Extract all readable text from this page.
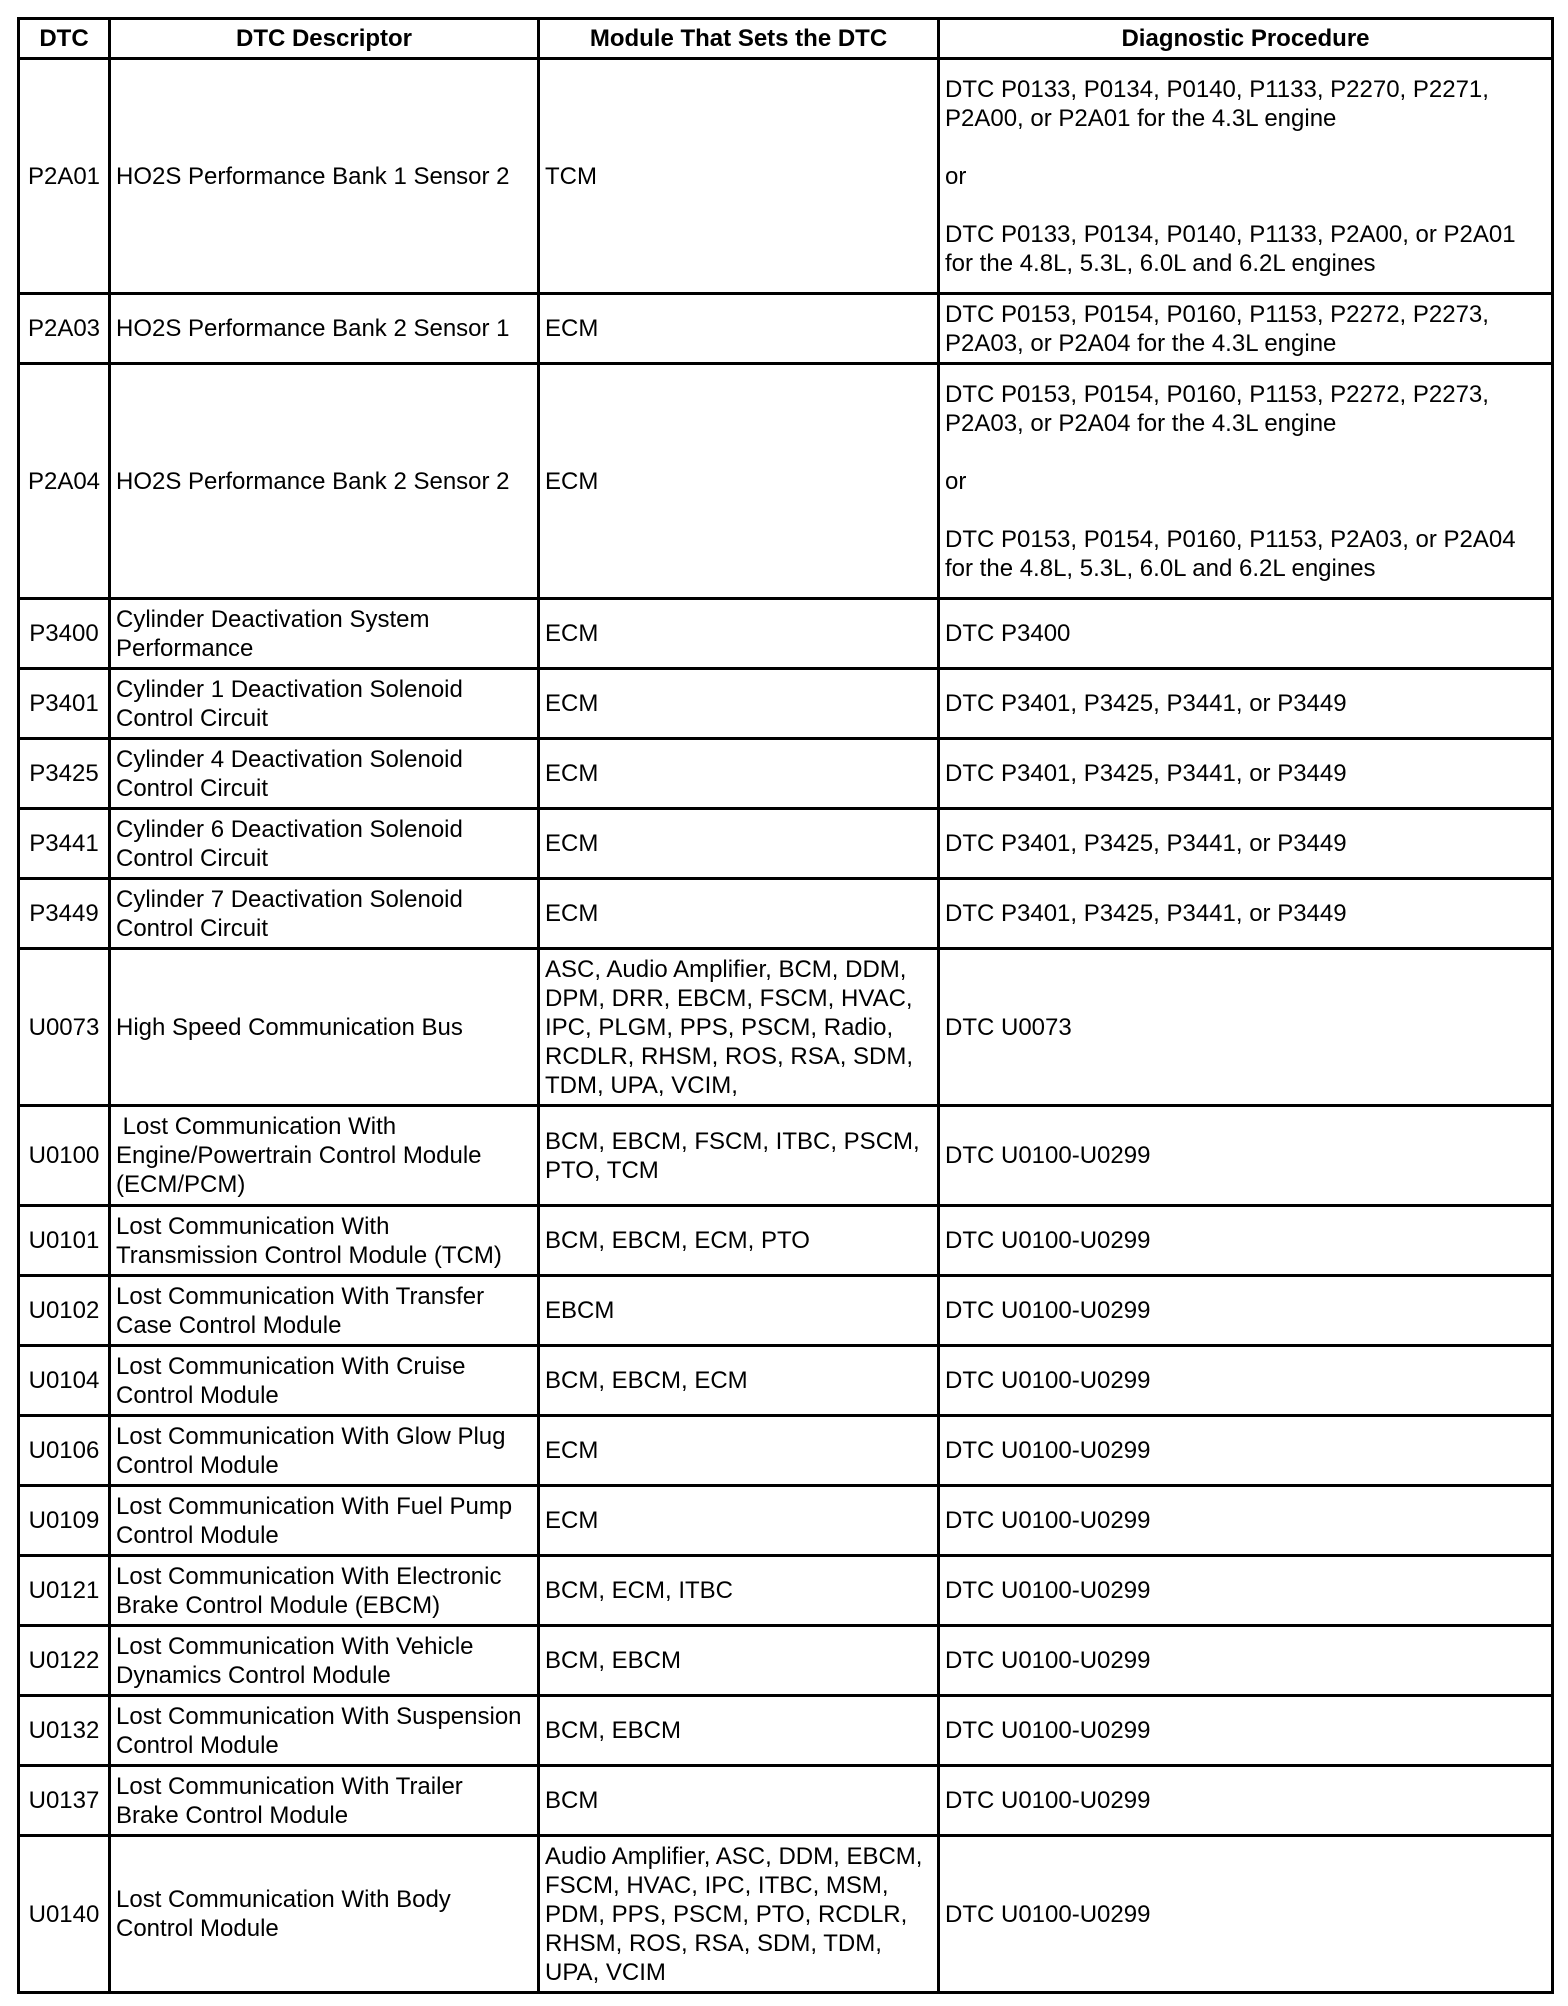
DTC	DTC Descriptor	Module That Sets the DTC	Diagnostic Procedure
P2A01	HO2S Performance Bank 1 Sensor 2	TCM	DTC P0133, P0134, P0140, P1133, P2270, P2271, P2A00, or P2A01 for the 4.3L engine
or
DTC P0133, P0134, P0140, P1133, P2A00, or P2A01 for the 4.8L, 5.3L, 6.0L and 6.2L engines

P2A03	HO2S Performance Bank 2 Sensor 1	ECM	DTC P0153, P0154, P0160, P1153, P2272, P2273, P2A03, or P2A04 for the 4.3L engine

P2A04	HO2S Performance Bank 2 Sensor 2	ECM	DTC P0153, P0154, P0160, P1153, P2272, P2273, P2A03, or P2A04 for the 4.3L engine
or
DTC P0153, P0154, P0160, P1153, P2A03, or P2A04 for the 4.8L, 5.3L, 6.0L and 6.2L engines

P3400	Cylinder Deactivation System Performance	ECM	DTC P3400

P3401	Cylinder 1 Deactivation Solenoid Control Circuit	ECM	DTC P3401, P3425, P3441, or P3449

P3425	Cylinder 4 Deactivation Solenoid Control Circuit	ECM	DTC P3401, P3425, P3441, or P3449

P3441	Cylinder 6 Deactivation Solenoid Control Circuit	ECM	DTC P3401, P3425, P3441, or P3449

P3449	Cylinder 7 Deactivation Solenoid Control Circuit	ECM	DTC P3401, P3425, P3441, or P3449

U0073	High Speed Communication Bus	ASC, Audio Amplifier, BCM, DDM, DPM, DRR, EBCM, FSCM, HVAC, IPC, PLGM, PPS, PSCM, Radio, RCDLR, RHSM, ROS, RSA, SDM, TDM, UPA, VCIM,	DTC U0073

U0100	Lost Communication With Engine/Powertrain Control Module (ECM/PCM)	BCM, EBCM, FSCM, ITBC, PSCM, PTO, TCM	DTC U0100-U0299

U0101	Lost Communication With Transmission Control Module (TCM)	BCM, EBCM, ECM, PTO	DTC U0100-U0299

U0102	Lost Communication With Transfer Case Control Module	EBCM	DTC U0100-U0299

U0104	Lost Communication With Cruise Control Module	BCM, EBCM, ECM	DTC U0100-U0299

U0106	Lost Communication With Glow Plug Control Module	ECM	DTC U0100-U0299

U0109	Lost Communication With Fuel Pump Control Module	ECM	DTC U0100-U0299

U0121	Lost Communication With Electronic Brake Control Module (EBCM)	BCM, ECM, ITBC	DTC U0100-U0299

U0122	Lost Communication With Vehicle Dynamics Control Module	BCM, EBCM	DTC U0100-U0299

U0132	Lost Communication With Suspension Control Module	BCM, EBCM	DTC U0100-U0299

U0137	Lost Communication With Trailer Brake Control Module	BCM	DTC U0100-U0299

U0140	Lost Communication With Body Control Module	Audio Amplifier, ASC, DDM, EBCM, FSCM, HVAC, IPC, ITBC, MSM, PDM, PPS, PSCM, PTO, RCDLR, RHSM, ROS, RSA, SDM, TDM, UPA, VCIM	DTC U0100-U0299
